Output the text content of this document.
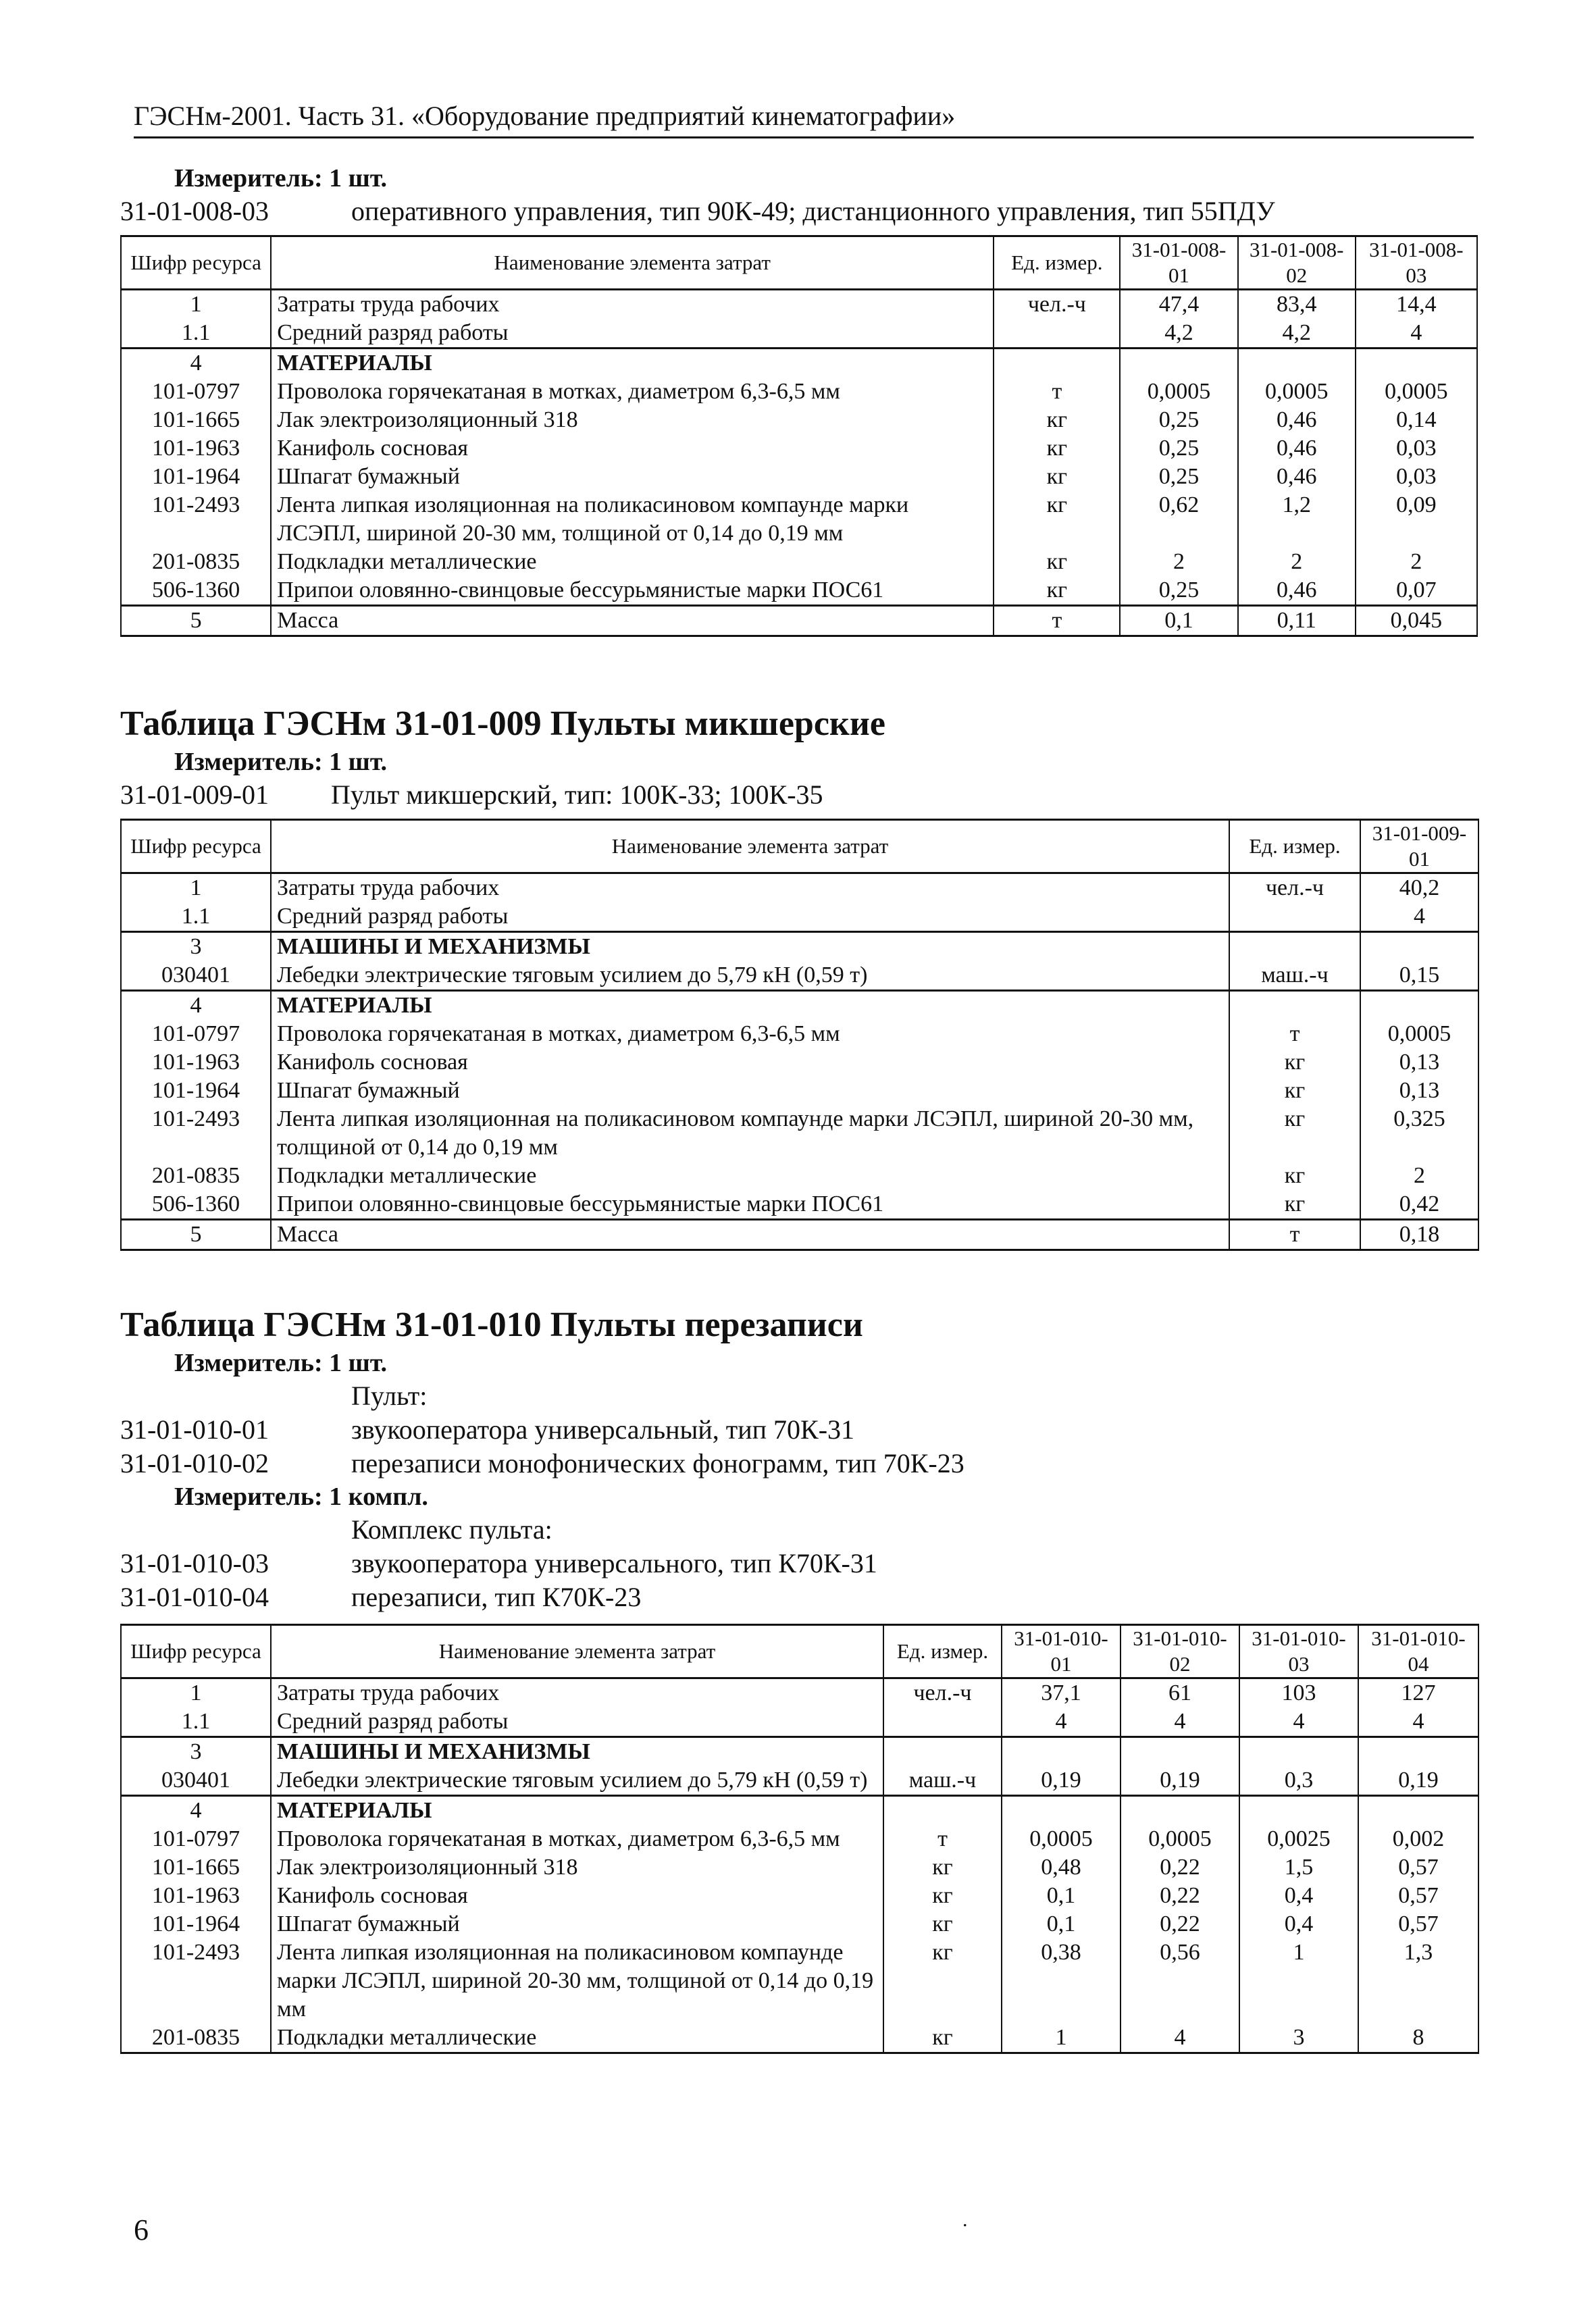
ГЭСНм-2001. Часть 31. «Оборудование предприятий кинематографии»
Измеритель: 1 шт.
31-01-008-03	оперативного управления, тип 90К-49; дистанционного управления, тип 55ПДУ
Шифр ресурса	Наименование элемента затрат	Ед. измер.	31-01-008-01	31-01-008-02	31-01-008-03
1	Затраты труда рабочих	чел.-ч	47,4	83,4	14,4
1.1	Средний разряд работы		4,2	4,2	4
4	МАТЕРИАЛЫ				
101-0797	Проволока горячекатаная в мотках, диаметром 6,3-6,5 мм	т	0,0005	0,0005	0,0005
101-1665	Лак электроизоляционный 318	кг	0,25	0,46	0,14
101-1963	Канифоль сосновая	кг	0,25	0,46	0,03
101-1964	Шпагат бумажный	кг	0,25	0,46	0,03
101-2493	Лента липкая изоляционная на поликасиновом компаунде марки ЛСЭПЛ, шириной 20-30 мм, толщиной от 0,14 до 0,19 мм	кг	0,62	1,2	0,09
201-0835	Подкладки металлические	кг	2	2	2
506-1360	Припои оловянно-свинцовые бессурьмянистые марки ПОС61	кг	0,25	0,46	0,07
5	Масса	т	0,1	0,11	0,045
Таблица ГЭСНм 31-01-009 Пульты микшерские
Измеритель: 1 шт.
31-01-009-01 Пульт микшерский, тип: 100К-33; 100К-35
Шифр ресурса	Наименование элемента затрат	Ед. измер.	31-01-009-01
1	Затраты труда рабочих	чел.-ч	40,2
1.1	Средний разряд работы		4
3	МАШИНЫ И МЕХАНИЗМЫ		
030401	Лебедки электрические тяговым усилием до 5,79 кН (0,59 т)	маш.-ч	0,15
4	МАТЕРИАЛЫ		
101-0797	Проволока горячекатаная в мотках, диаметром 6,3-6,5 мм	т	0,0005
101-1963	Канифоль сосновая	кг	0,13
101-1964	Шпагат бумажный	кг	0,13
101-2493	Лента липкая изоляционная на поликасиновом компаунде марки ЛСЭПЛ, шириной 20-30 мм, толщиной от 0,14 до 0,19 мм	кг	0,325
201-0835	Подкладки металлические	кг	2
506-1360	Припои оловянно-свинцовые бессурьмянистые марки ПОС61	кг	0,42
5	Масса	т	0,18
Таблица ГЭСНм 31-01-010 Пульты перезаписи
Измеритель: 1 шт.
Пульт:
31-01-010-01	звукооператора универсальный, тип 70К-31
31-01-010-02	перезаписи монофонических фонограмм, тип 70К-23
Измеритель: 1 компл.
Комплекс пульта:
31-01-010-03	звукооператора универсального, тип К70К-31
31-01-010-04	перезаписи, тип К70К-23
Шифр ресурса	Наименование элемента затрат	Ед. измер.	31-01-010-01	31-01-010-02	31-01-010-03	31-01-010-04
1	Затраты труда рабочих	чел.-ч	37,1	61	103	127
1.1	Средний разряд работы		4	4	4	4
3	МАШИНЫ И МЕХАНИЗМЫ					
030401	Лебедки электрические тяговым усилием до 5,79 кН (0,59 т)	маш.-ч	0,19	0,19	0,3	0,19
4	МАТЕРИАЛЫ					
101-0797	Проволока горячекатаная в мотках, диаметром 6,3-6,5 мм	т	0,0005	0,0005	0,0025	0,002
101-1665	Лак электроизоляционный 318	кг	0,48	0,22	1,5	0,57
101-1963	Канифоль сосновая	кг	0,1	0,22	0,4	0,57
101-1964	Шпагат бумажный	кг	0,1	0,22	0,4	0,57
101-2493	Лента липкая изоляционная на поликасиновом компаунде марки ЛСЭПЛ, шириной 20-30 мм, толщиной от 0,14 до 0,19 мм	кг	0,38	0,56	1	1,3
201-0835	Подкладки металлические	кг	1	4	3	8
6	.
